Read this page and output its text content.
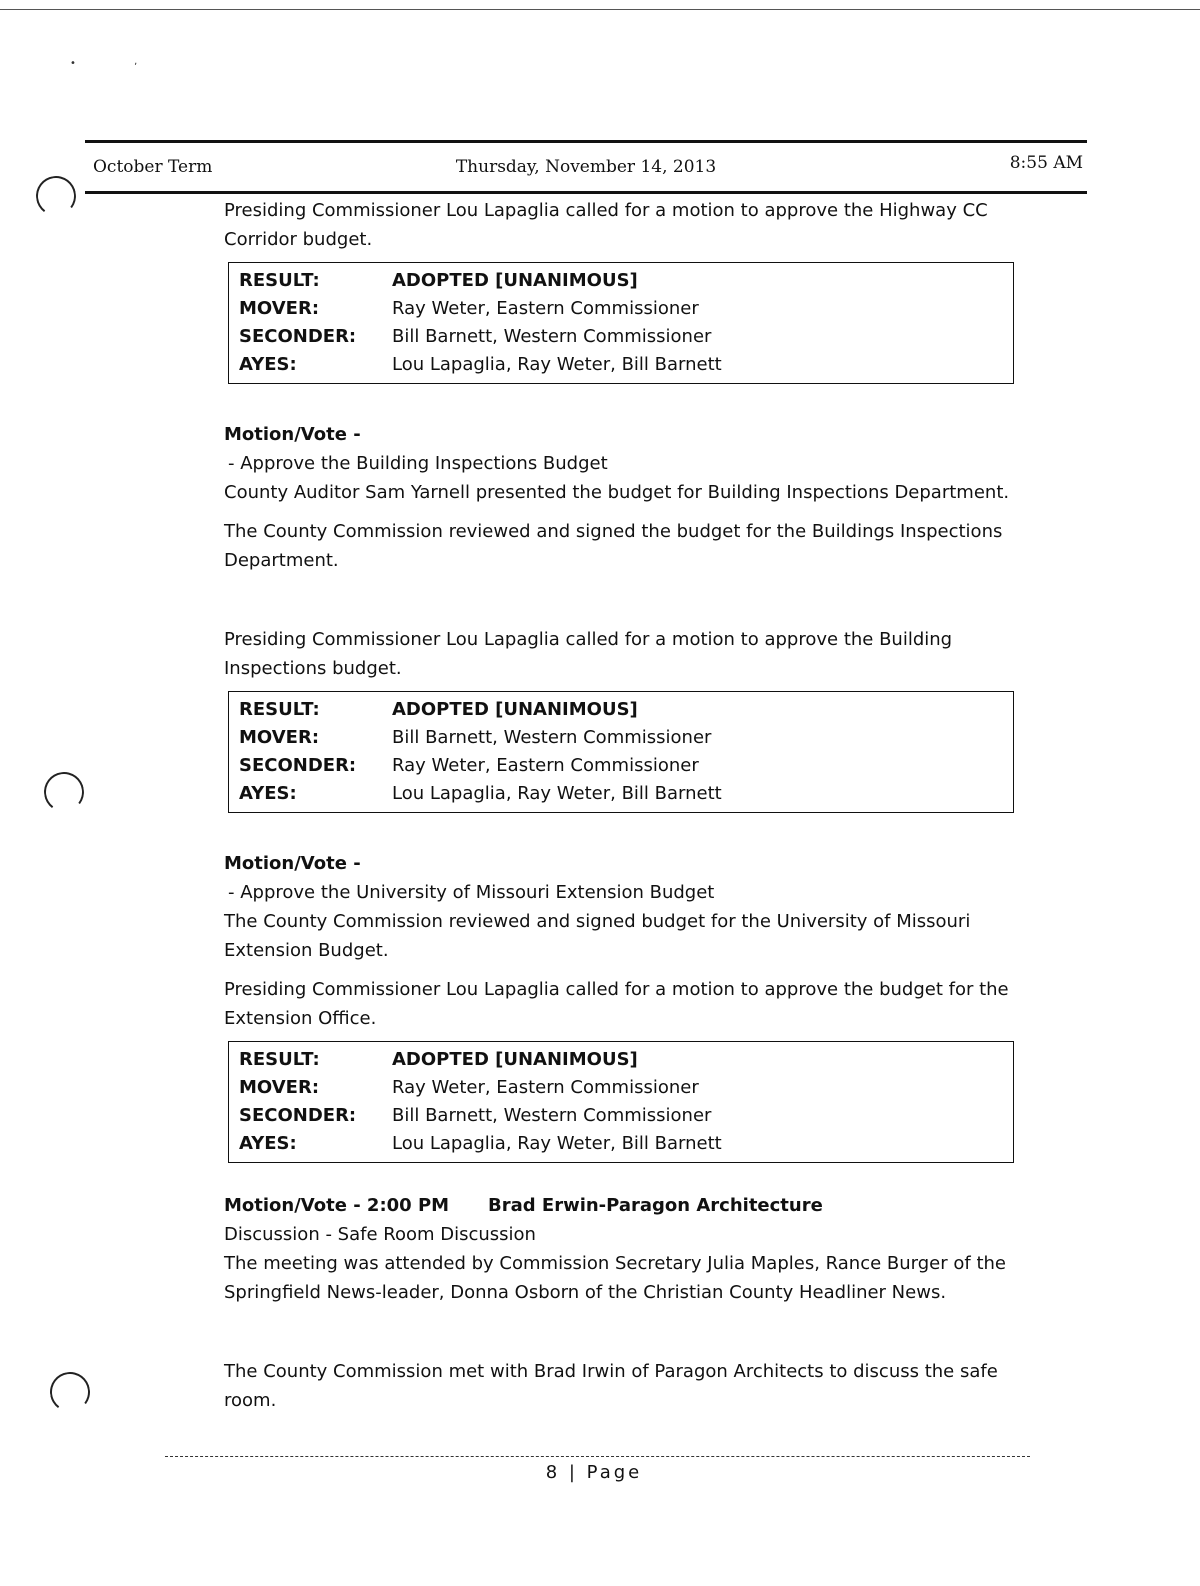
•	ʼ
October Term	Thursday, November 14, 2013	8:55 AM

Presiding Commissioner Lou Lapaglia called for a motion to approve the Highway CC Corridor budget.

RESULT:	ADOPTED [UNANIMOUS]
MOVER:	Ray Weter, Eastern Commissioner
SECONDER:	Bill Barnett, Western Commissioner
AYES:	Lou Lapaglia, Ray Weter, Bill Barnett

Motion/Vote -

- Approve the Building Inspections Budget

County Auditor Sam Yarnell presented the budget for Building Inspections Department.

The County Commission reviewed and signed the budget for the Buildings Inspections Department.

Presiding Commissioner Lou Lapaglia called for a motion to approve the Building Inspections budget.

RESULT:	ADOPTED [UNANIMOUS]
MOVER:	Bill Barnett, Western Commissioner
SECONDER:	Ray Weter, Eastern Commissioner
AYES:	Lou Lapaglia, Ray Weter, Bill Barnett

Motion/Vote -

- Approve the University of Missouri Extension Budget

The County Commission reviewed and signed budget for the University of Missouri Extension Budget.

Presiding Commissioner Lou Lapaglia called for a motion to approve the budget for the Extension Office.

RESULT:	ADOPTED [UNANIMOUS]
MOVER:	Ray Weter, Eastern Commissioner
SECONDER:	Bill Barnett, Western Commissioner
AYES:	Lou Lapaglia, Ray Weter, Bill Barnett
Motion/Vote - 2:00 PM	Brad Erwin-Paragon Architecture

Discussion - Safe Room Discussion

The meeting was attended by Commission Secretary Julia Maples, Rance Burger of the Springfield News-leader, Donna Osborn of the Christian County Headliner News.

The County Commission met with Brad Irwin of Paragon Architects to discuss the safe room.

8 | Page
